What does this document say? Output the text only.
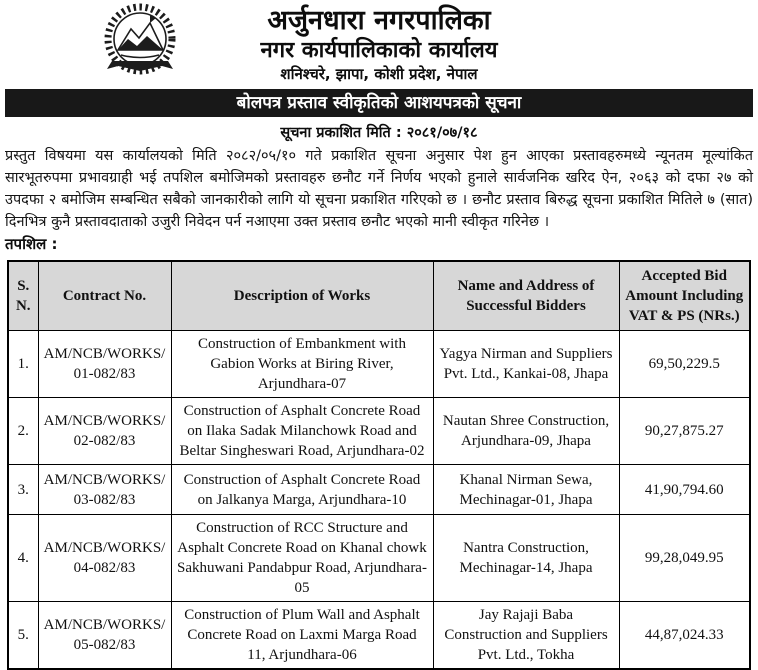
अर्जुनधारा नगरपालिका
नगर कार्यपालिकाको कार्यालय
शनिश्चरे, झापा, कोशी प्रदेश, नेपाल
बोलपत्र प्रस्ताव स्वीकृतिको आशयपत्रको सूचना
सूचना प्रकाशित मिति : २०८१/०७/१८
प्रस्तुत विषयमा यस कार्यालयको मिति २०८२/०५/१० गते प्रकाशित सूचना अनुसार पेश हुन आएका प्रस्तावहरुमध्ये न्यूनतम मूल्यांकित सारभूतरुपमा प्रभावग्राही भई तपशिल बमोजिमको प्रस्तावहरु छनौट गर्ने निर्णय भएको हुनाले सार्वजनिक खरिद ऐन, २०६३ को दफा २७ को उपदफा २ बमोजिम सम्बन्धित सबैको जानकारीको लागि यो सूचना प्रकाशित गरिएको छ । छनौट प्रस्ताव बिरुद्ध सूचना प्रकाशित मितिले ७ (सात) दिनभित्र कुनै प्रस्तावदाताको उजुरी निवेदन पर्न नआएमा उक्त प्रस्ताव छनौट भएको मानी स्वीकृत गरिनेछ ।
तपशिल :
S. N.	Contract No.	Description of Works	Name and Address of Successful Bidders	Accepted Bid Amount Including VAT & PS (NRs.)
1.	AM/NCB/WORKS/01-082/83	Construction of Embankment with Gabion Works at Biring River, Arjundhara-07	Yagya Nirman and Suppliers Pvt. Ltd., Kankai-08, Jhapa	69,50,229.5
2.	AM/NCB/WORKS/02-082/83	Construction of Asphalt Concrete Road on Ilaka Sadak Milanchowk Road and Beltar Singheswari Road, Arjundhara-02	Nautan Shree Construction, Arjundhara-09, Jhapa	90,27,875.27
3.	AM/NCB/WORKS/03-082/83	Construction of Asphalt Concrete Road on Jalkanya Marga, Arjundhara-10	Khanal Nirman Sewa, Mechinagar-01, Jhapa	41,90,794.60
4.	AM/NCB/WORKS/04-082/83	Construction of RCC Structure and Asphalt Concrete Road on Khanal chowk Sakhuwani Pandabpur Road, Arjundhara-05	Nantra Construction, Mechinagar-14, Jhapa	99,28,049.95
5.	AM/NCB/WORKS/05-082/83	Construction of Plum Wall and Asphalt Concrete Road on Laxmi Marga Road 11, Arjundhara-06	Jay Rajaji Baba Construction and Suppliers Pvt. Ltd., Tokha	44,87,024.33
